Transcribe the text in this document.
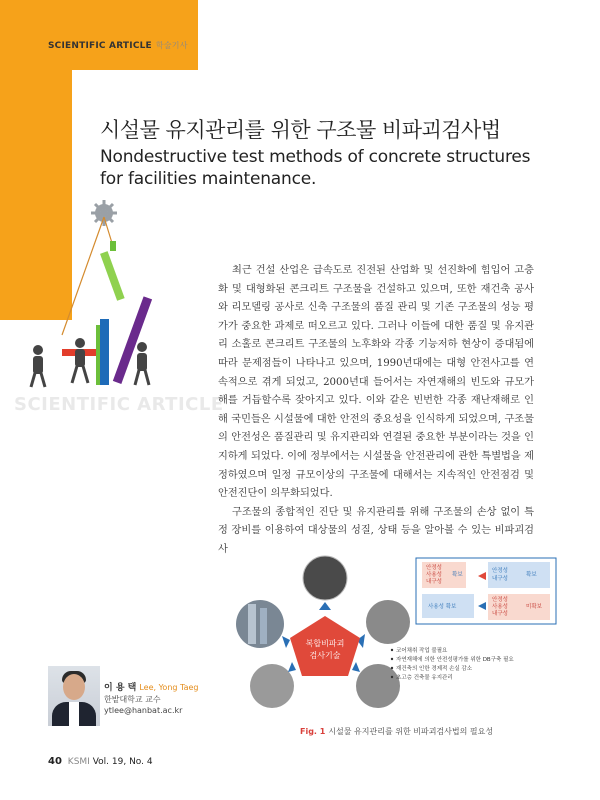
SCIENTIFIC ARTICLE 학술기사
시설물 유지관리를 위한 구조물 비파괴검사법
Nondestructive test methods of concrete structures for facilities maintenance.
SCIENTIFIC ARTICLE

최근 건설 산업은 급속도로 진전된 산업화 및 선진화에 힘입어 고층화 및 대형화된 콘크리트 구조물을 건설하고 있으며, 또한 재건축 공사와 리모델링 공사로 신축 구조물의 품질 관리 및 기존 구조물의 성능 평가가 중요한 과제로 떠오르고 있다. 그러나 이들에 대한 품질 및 유지관리 소홀로 콘크리트 구조물의 노후화와 각종 기능저하 현상이 증대됨에 따라 문제점들이 나타나고 있으며, 1990년대에는 대형 안전사고를 연속적으로 겪게 되었고, 2000년대 들어서는 자연재해의 빈도와 규모가 해를 거듭할수록 잦아지고 있다. 이와 같은 빈번한 각종 재난재해로 인해 국민들은 시설물에 대한 안전의 중요성을 인식하게 되었으며, 구조물의 안전성은 품질관리 및 유지관리와 연결된 중요한 부분이라는 것을 인지하게 되었다. 이에 정부에서는 시설물을 안전관리에 관한 특별법을 제정하였으며 일정 규모이상의 구조물에 대해서는 지속적인 안전점검 및 안전진단이 의무화되었다.

구조물의 종합적인 진단 및 유지관리를 위해 구조물의 손상 없이 특정 장비를 이용하여 대상물의 성질, 상태 등을 알아볼 수 있는 비파괴검사

복합비파괴
검사기술
안정성
사용성
내구성
확보
안정성
내구성
확보
사용성 확보
안정성
사용성
내구성
미확보
코어채취 작업 불필요
자연재해에 의한 안전성평가를 위한 DB구축 필요
재건축의 인한 경제적 손실 감소
초고층 건축물 유지관리
Fig. 1 시설물 유지관리를 위한 비파괴검사법의 필요성
이 용 택 Lee, Yong Taeg
한밭대학교 교수
ytlee@hanbat.ac.kr
40 KSMI Vol. 19, No. 4
